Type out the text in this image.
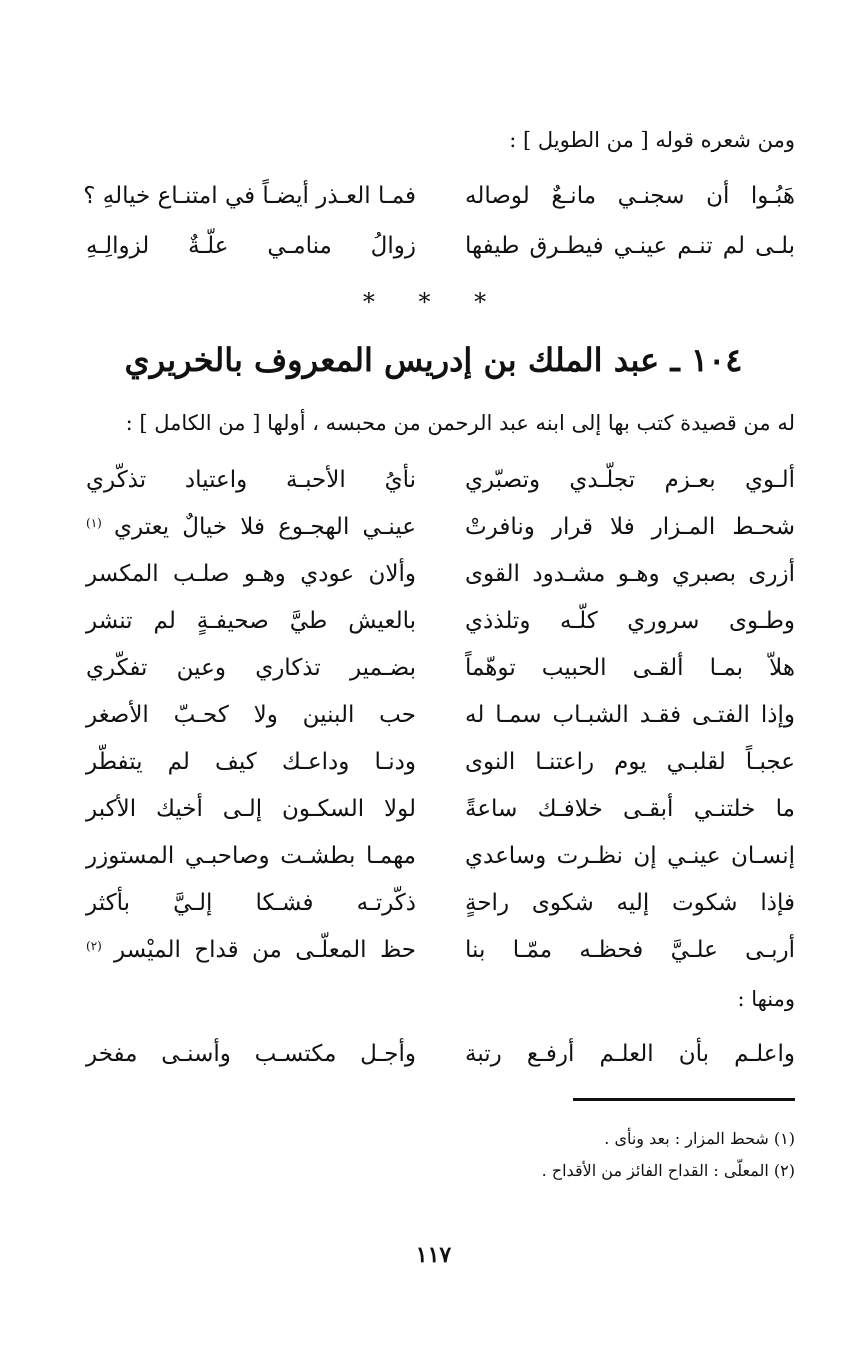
ومن شعره قوله [ من الطويل ] :
هَبُـوا أن سجنـي مانـعٌ لوصاله
فمـا العـذر أيضـاً في امتنـاع خيالهِ ؟
بلـى لم تنـم عينـي فيطـرق طيفها
زوالُ منامـي علّـةٌ لزوالِـهِ
* * *
١٠٤ ـ عبد الملك بن إدريس المعروف بالخريري
له من قصيدة كتب بها إلى ابنه عبد الرحمن من محبسه ، أولها [ من الكامل ] :
ألـوي بعـزم تجلّـدي وتصبّري
نأيُ الأحبـة واعتياد تذكّري
شحـط المـزار فلا قرار ونافرتْ
عينـي الهجـوع فلا خيالٌ يعتري
(١)
أزرى بصبري وهـو مشـدود القوى
وألان عودي وهـو صلـب المكسر
وطـوى سروري كلّـه وتلذذي
بالعيش طيَّ صحيفـةٍ لم تنشر
هلاّ بمـا ألقـى الحبيب توهّماً
بضـمير تذكاري وعين تفكّري
وإذا الفتـى فقـد الشبـاب سمـا له
حب البنين ولا كحـبّ الأصغر
عجبـاً لقلبـي يوم راعتنـا النوى
ودنـا وداعـك كيف لم يتفطّر
ما خلتنـي أبقـى خلافـك ساعةً
لولا السكـون إلـى أخيك الأكبر
إنسـان عينـي إن نظـرت وساعدي
مهمـا بطشـت وصاحبـي المستوزر
فإذا شكوت إليه شكوى راحةٍ
ذكّرتـه فشـكا إلـيَّ بأكثر
أربـى علـيَّ فحظـه ممّـا بنا
حظ المعلّـى من قداح الميْسر
(٢)
ومنها :
واعلـم بأن العلـم أرفـع رتبة
وأجـل مكتسـب وأسنـى مفخر
(١) شحط المزار : بعد ونأى .
(٢) المعلّى : القداح الفائز من الأقداح .
١١٧
